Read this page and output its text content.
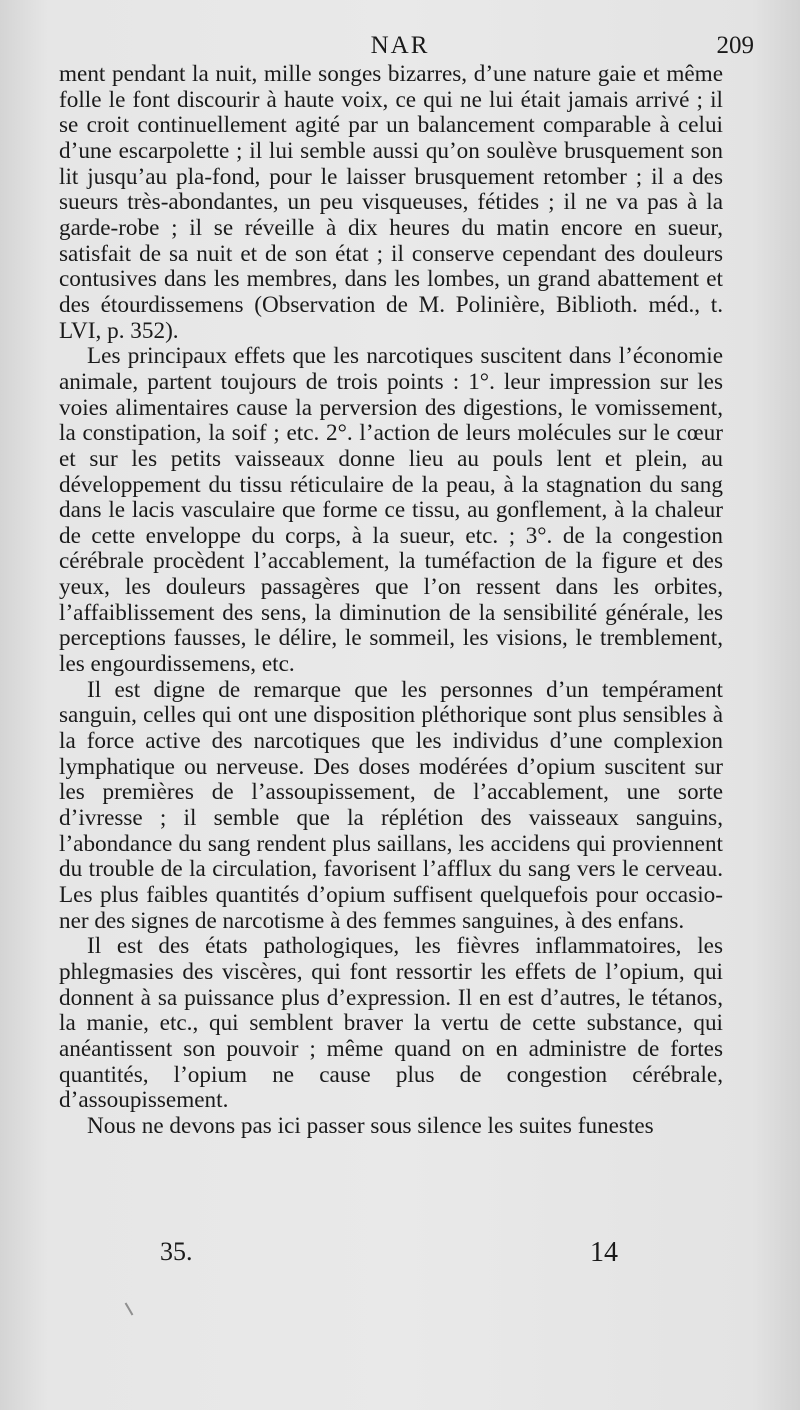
NAR	209

ment pendant la nuit, mille songes bizarres, d’une nature gaie et même folle le font discourir à haute voix, ce qui ne lui était jamais arrivé ; il se croit continuellement agité par un balancement comparable à celui d’une escarpolette ; il lui semble aussi qu’on soulève brusquement son lit jusqu’au pla-fond, pour le laisser brusquement retomber ; il a des sueurs très-abondantes, un peu visqueuses, fétides ; il ne va pas à la garde-robe ; il se réveille à dix heures du matin encore en sueur, satisfait de sa nuit et de son état ; il conserve cependant des douleurs contusives dans les membres, dans les lombes, un grand abattement et des étourdissemens (Observation de M. Polinière, Biblioth. méd., t. LVI, p. 352).

Les principaux effets que les narcotiques suscitent dans l’économie animale, partent toujours de trois points : 1°. leur impression sur les voies alimentaires cause la perversion des digestions, le vomissement, la constipation, la soif ; etc. 2°. l’action de leurs molécules sur le cœur et sur les petits vaisseaux donne lieu au pouls lent et plein, au développement du tissu réticulaire de la peau, à la stagnation du sang dans le lacis vasculaire que forme ce tissu, au gonflement, à la chaleur de cette enveloppe du corps, à la sueur, etc. ; 3°. de la congestion cérébrale procèdent l’accablement, la tuméfaction de la figure et des yeux, les douleurs passagères que l’on ressent dans les orbites, l’affaiblissement des sens, la diminution de la sensibilité générale, les perceptions fausses, le délire, le sommeil, les visions, le tremblement, les engourdissemens, etc.

Il est digne de remarque que les personnes d’un tempérament sanguin, celles qui ont une disposition pléthorique sont plus sensibles à la force active des narcotiques que les individus d’une complexion lymphatique ou nerveuse. Des doses modérées d’opium suscitent sur les premières de l’assoupissement, de l’accablement, une sorte d’ivresse ; il semble que la réplétion des vaisseaux sanguins, l’abondance du sang rendent plus saillans, les accidens qui proviennent du trouble de la circulation, favorisent l’afflux du sang vers le cerveau. Les plus faibles quantités d’opium suffisent quelquefois pour occasioner des signes de narcotisme à des femmes sanguines, à des enfans.

Il est des états pathologiques, les fièvres inflammatoires, les phlegmasies des viscères, qui font ressortir les effets de l’opium, qui donnent à sa puissance plus d’expression. Il en est d’autres, le tétanos, la manie, etc., qui semblent braver la vertu de cette substance, qui anéantissent son pouvoir ; même quand on en administre de fortes quantités, l’opium ne cause plus de congestion cérébrale, d’assoupissement.

Nous ne devons pas ici passer sous silence les suites funestes

35.	14
